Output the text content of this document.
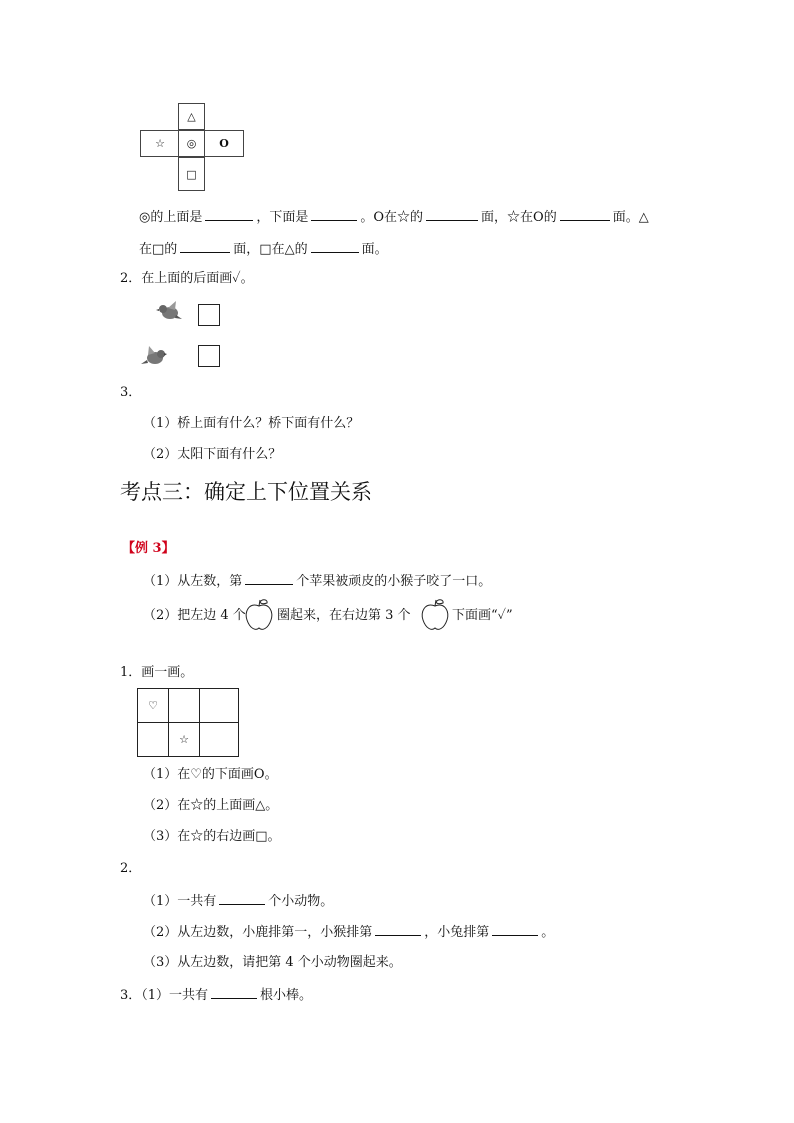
△
☆ ◎ O
□
◎的上面是	，下面是	。O在☆的	面，☆在O的	面。△
在□的	面，□在△的	面。
2．在上面的后面画✓。
3．
（1）桥上面有什么？桥下面有什么？
（2）太阳下面有什么？
考点三：确定上下位置关系
【例 3】
（1）从左数，第	个苹果被顽皮的小猴子咬了一口。
（2）把左边 4 个 圈起来，在右边第 3 个	下面画“✓”
1．画一画。
♡		
	☆	
（1）在♡的下面画O。
（2）在☆的上面画△。
（3）在☆的右边画□。
2．
（1）一共有	个小动物。
（2）从左边数，小鹿排第一，小猴排第	，小兔排第	。
（3）从左边数，请把第 4 个小动物圈起来。
3．（1）一共有	根小棒。
